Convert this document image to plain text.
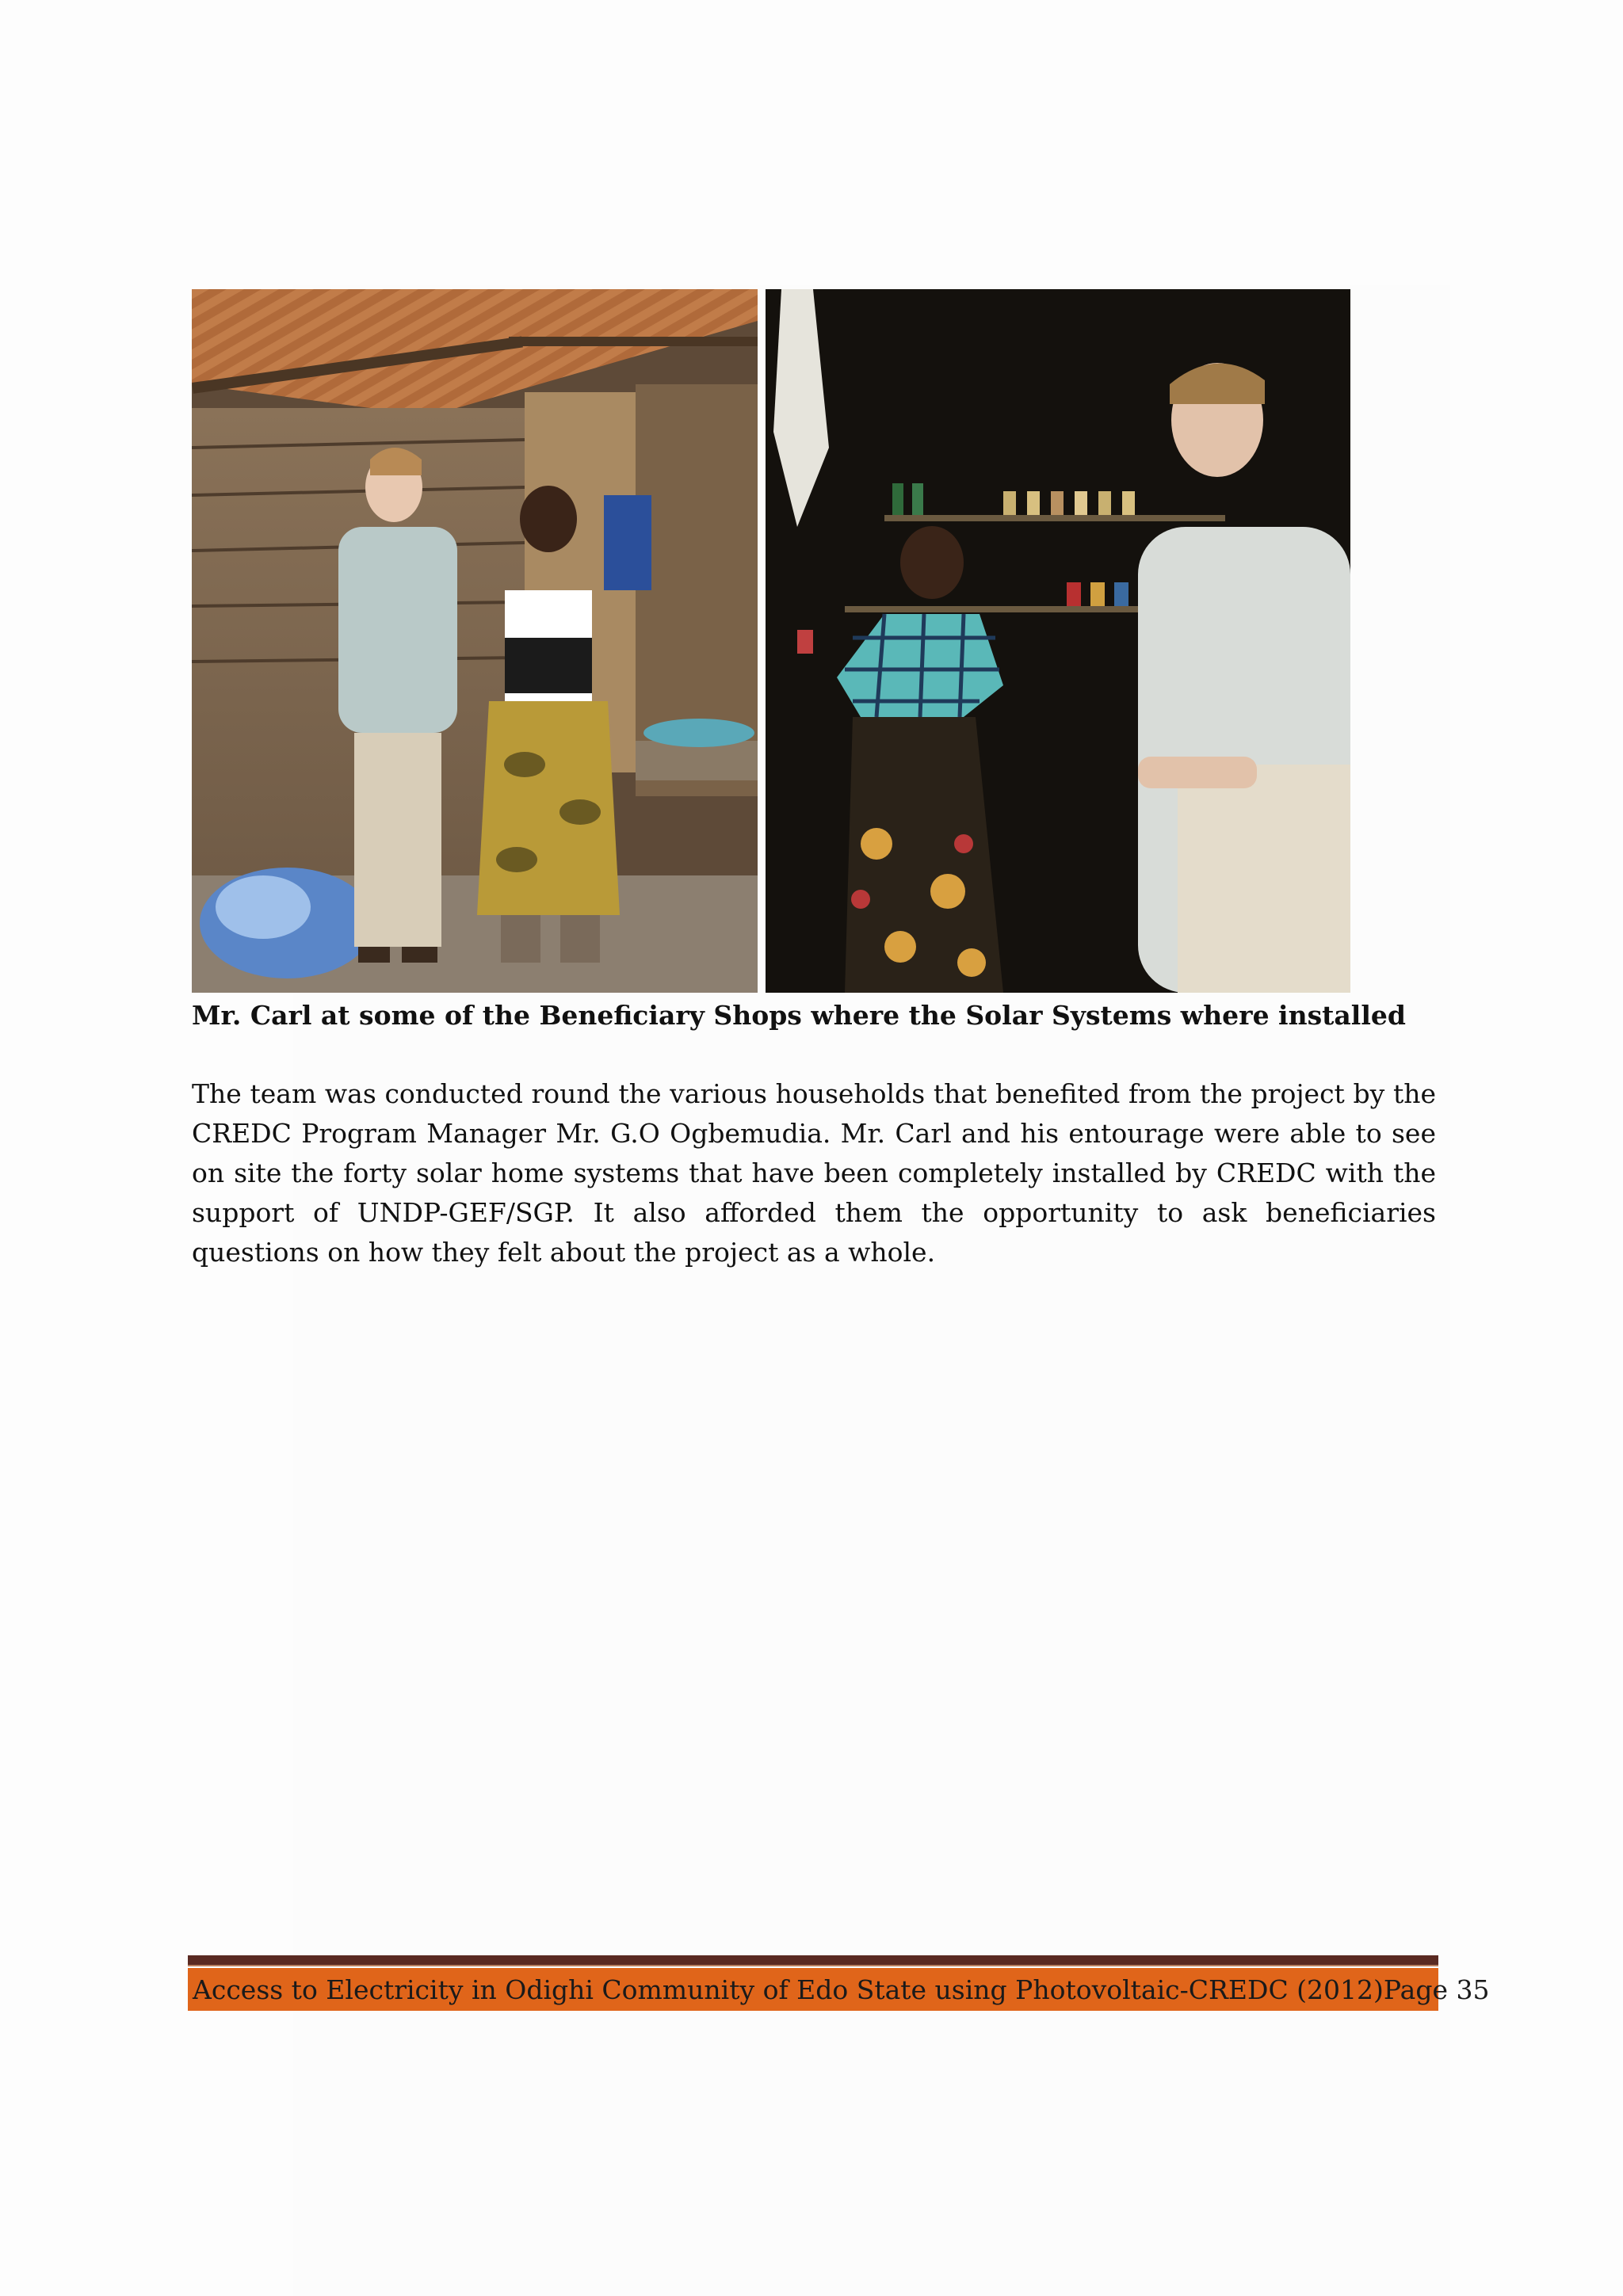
Mr. Carl at some of the Beneficiary Shops where the Solar Systems where installed
The team was conducted round the various households that benefited from the project by the CREDC Program Manager Mr. G.O Ogbemudia. Mr. Carl and his entourage were able to see on site the forty solar home systems that have been completely installed by CREDC with the support of UNDP-GEF/SGP. It also afforded them the opportunity to ask beneficiaries questions on how they felt about the project as a whole.
Access to Electricity in Odighi Community of Edo State using Photovoltaic-CREDC (2012) Page 35
